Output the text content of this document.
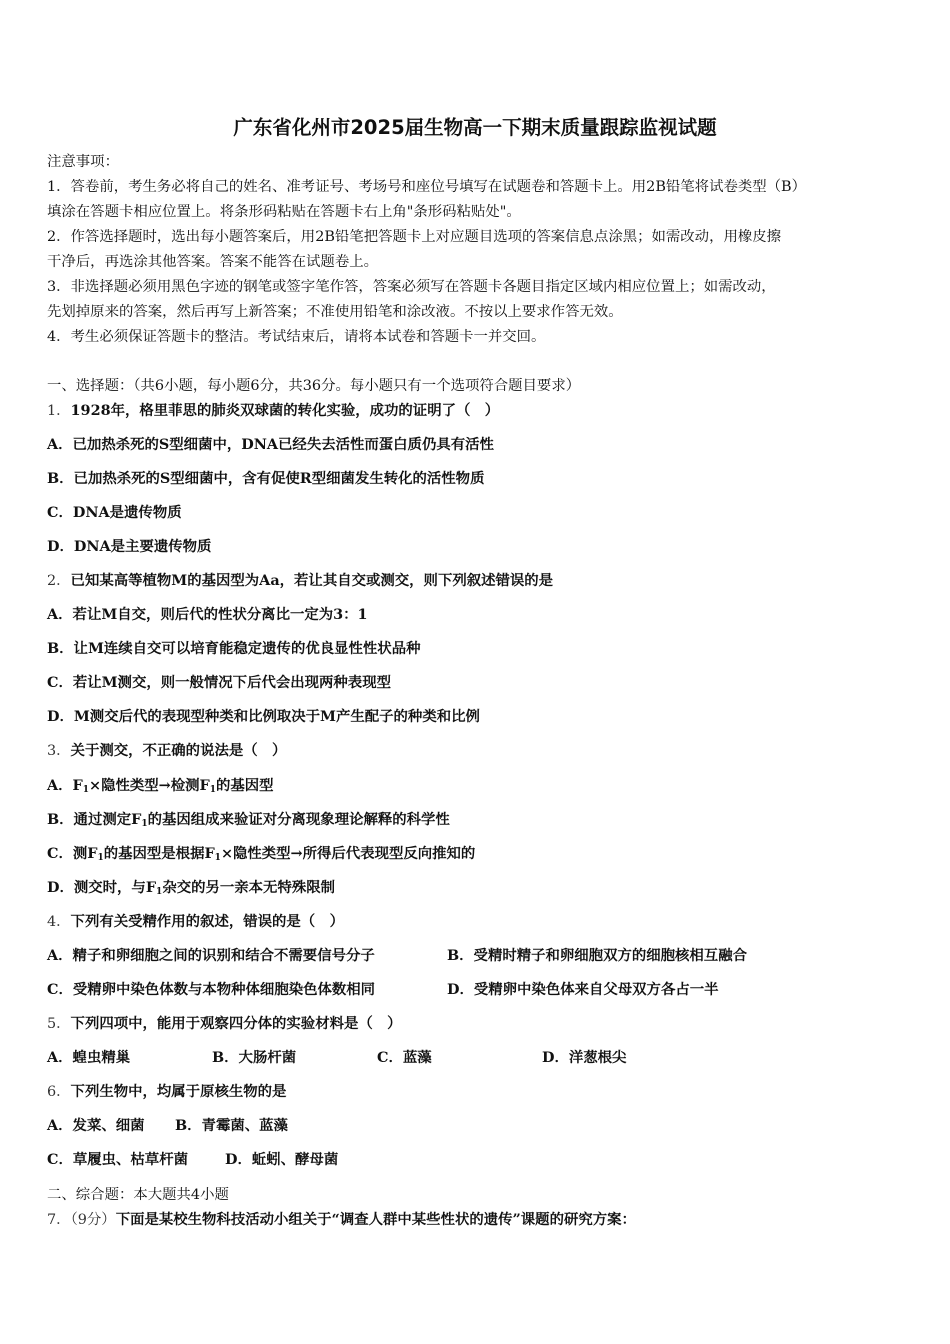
广东省化州市2025届生物高一下期末质量跟踪监视试题
注意事项：
1．答卷前，考生务必将自己的姓名、准考证号、考场号和座位号填写在试题卷和答题卡上。用2B铅笔将试卷类型（B）
填涂在答题卡相应位置上。将条形码粘贴在答题卡右上角"条形码粘贴处"。
2．作答选择题时，选出每小题答案后，用2B铅笔把答题卡上对应题目选项的答案信息点涂黑；如需改动，用橡皮擦
干净后，再选涂其他答案。答案不能答在试题卷上。
3．非选择题必须用黑色字迹的钢笔或签字笔作答，答案必须写在答题卡各题目指定区域内相应位置上；如需改动，
先划掉原来的答案，然后再写上新答案；不准使用铅笔和涂改液。不按以上要求作答无效。
4．考生必须保证答题卡的整洁。考试结束后，请将本试卷和答题卡一并交回。
一、选择题：（共6小题，每小题6分，共36分。每小题只有一个选项符合题目要求）
1．1928年，格里菲思的肺炎双球菌的转化实验，成功的证明了（　）
A．已加热杀死的S型细菌中，DNA已经失去活性而蛋白质仍具有活性
B．已加热杀死的S型细菌中，含有促使R型细菌发生转化的活性物质
C．DNA是遗传物质
D．DNA是主要遗传物质
2．已知某高等植物M的基因型为Aa，若让其自交或测交，则下列叙述错误的是
A．若让M自交，则后代的性状分离比一定为3：1
B．让M连续自交可以培育能稳定遗传的优良显性性状品种
C．若让M测交，则一般情况下后代会出现两种表现型
D．M测交后代的表现型种类和比例取决于M产生配子的种类和比例
3．关于测交，不正确的说法是（　）
A．$F_1\times$隐性类型→检测$F_1$的基因型
B．通过测定$F_1$的基因组成来验证对分离现象理论解释的科学性
C．测$F_1$的基因型是根据$F_1\times$隐性类型→所得后代表现型反向推知的
D．测交时，与$F_1$杂交的另一亲本无特殊限制
4．下列有关受精作用的叙述，错误的是（　）
A．精子和卵细胞之间的识别和结合不需要信号分子	B．受精时精子和卵细胞双方的细胞核相互融合
C．受精卵中染色体数与本物种体细胞染色体数相同	D．受精卵中染色体来自父母双方各占一半
5．下列四项中，能用于观察四分体的实验材料是（　）
A．蝗虫精巢	B．大肠杆菌	C．蓝藻	D．洋葱根尖
6．下列生物中，均属于原核生物的是
A．发菜、细菌 B．青霉菌、蓝藻
C．草履虫、枯草杆菌	D．蚯蚓、酵母菌
二、综合题：本大题共4小题
7．（9分）下面是某校生物科技活动小组关于“调查人群中某些性状的遗传”课题的研究方案：
